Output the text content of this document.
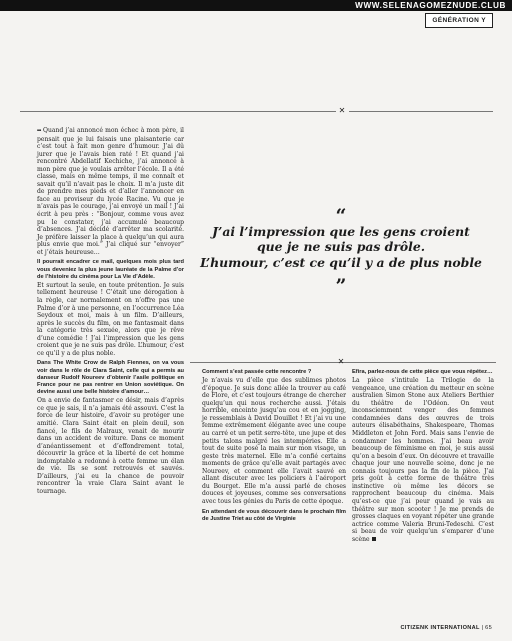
WWW.SELENAGOMEZNUDE.CLUB
GÉNÉRATION Y
✕
✕

••• Quand j’ai annoncé mon échec à mon père, il pensait que je lui faisais une plaisanterie car c’est tout à fait mon genre d’humour. J’ai dû jurer que je l’avais bien raté ! Et quand j’ai rencontré Abdellatif Kechiche, j’ai annoncé à mon père que je voulais arrêter l’école. Il a été classe, mais en même temps, il me connaît et savait qu’il n’avait pas le choix. Il m’a juste dit de prendre mes pieds et d’aller l’annoncer en face au proviseur du lycée Racine. Vu que je n’avais pas le courage, j’ai envoyé un mail ! J’ai écrit à peu près : “Bonjour, comme vous avez pu le constater, j’ai accumulé beaucoup d’absences. J’ai décidé d’arrêter ma scolarité. Je préfère laisser la place à quelqu’un qui aura plus envie que moi.” J’ai cliqué sur “envoyer” et j’étais heureuse…

Il pourrait encadrer ce mail, quelques mois plus tard vous deveniez la plus jeune lauréate de la Palme d’or de l’histoire du cinéma pour La Vie d’Adèle.

Et surtout la seule, en toute prétention. Je suis tellement heureuse ! C’était une dérogation à la règle, car normalement on n’offre pas une Palme d’or à une personne, en l’occurrence Léa Seydoux et moi, mais à un film. D’ailleurs, après le succès du film, on me fantasmait dans la catégorie très sexuée, alors que je rêve d’une comédie ! J’ai l’impression que les gens croient que je ne suis pas drôle. L’humour, c’est ce qu’il y a de plus noble.

Dans The White Crow de Ralph Fiennes, on va vous voir dans le rôle de Clara Saint, celle qui a permis au danseur Rudolf Noureev d’obtenir l’asile politique en France pour ne pas rentrer en Union soviétique. On devine aussi une belle histoire d’amour…

On a envie de fantasmer ce désir, mais d’après ce que je sais, il n’a jamais été assouvi. C’est la force de leur histoire, d’avoir su protéger une amitié. Clara Saint était en plein deuil, son fiancé, le fils de Malraux, venait de mourir dans un accident de voiture. Dans ce moment d’anéantissement et d’effondrement total, découvrir la grâce et la liberté de cet homme indomptable a redonné à cette femme un élan de vie. Ils se sont retrouvés et sauvés. D’ailleurs, j’ai eu la chance de pouvoir rencontrer la vraie Clara Saint avant le tournage.

“
J’ai l’impression que les gens croient
que je ne suis pas drôle.
L’humour, c’est ce qu’il y a de plus noble
”

Comment s’est passée cette rencontre ?

Je n’avais vu d’elle que des sublimes photos d’époque. Je suis donc allée la trouver au café de Flore, et c’est toujours étrange de chercher quelqu’un qui nous recherche aussi. J’étais horrible, enceinte jusqu’au cou et en jogging, je ressemblais à David Douillet ! Et j’ai vu une femme extrêmement élégante avec une coupe au carré et un petit serre-tête, une jupe et des petits talons malgré les intempéries. Elle a tout de suite posé la main sur mon visage, un geste très maternel. Elle m’a confié certains moments de grâce qu’elle avait partagés avec Noureev, et comment elle l’avait sauvé en allant discuter avec les policiers à l’aéroport du Bourget. Elle m’a aussi parlé de choses douces et joyeuses, comme ses conversations avec tous les génies du Paris de cette époque.

En attendant de vous découvrir dans le prochain film de Justine Triet au côté de Virginie

Efira, parlez-nous de cette pièce que vous répétez…

La pièce s’intitule La Trilogie de la vengeance, une création du metteur en scène australien Simon Stone aux Ateliers Berthier du théâtre de l’Odéon. On veut inconsciemment venger des femmes condamnées dans des œuvres de trois auteurs élisabéthains, Shakespeare, Thomas Middleton et John Ford. Mais sans l’envie de condamner les hommes. J’ai beau avoir beaucoup de féminisme en moi, je suis aussi qu’on a besoin d’eux. On découvre et travaille chaque jour une nouvelle scène, donc je ne connais toujours pas la fin de la pièce. J’ai pris goût à cette forme de théâtre très instinctive où même les décors se rapprochent beaucoup du cinéma. Mais qu’est-ce que j’ai peur quand je vais au théâtre sur mon scooter ! Je me prends de grosses claques en voyant répéter une grande actrice comme Valeria Bruni-Tedeschi. C’est si beau de voir quelqu’un s’emparer d’une scène

CITIZENK INTERNATIONAL | 65
